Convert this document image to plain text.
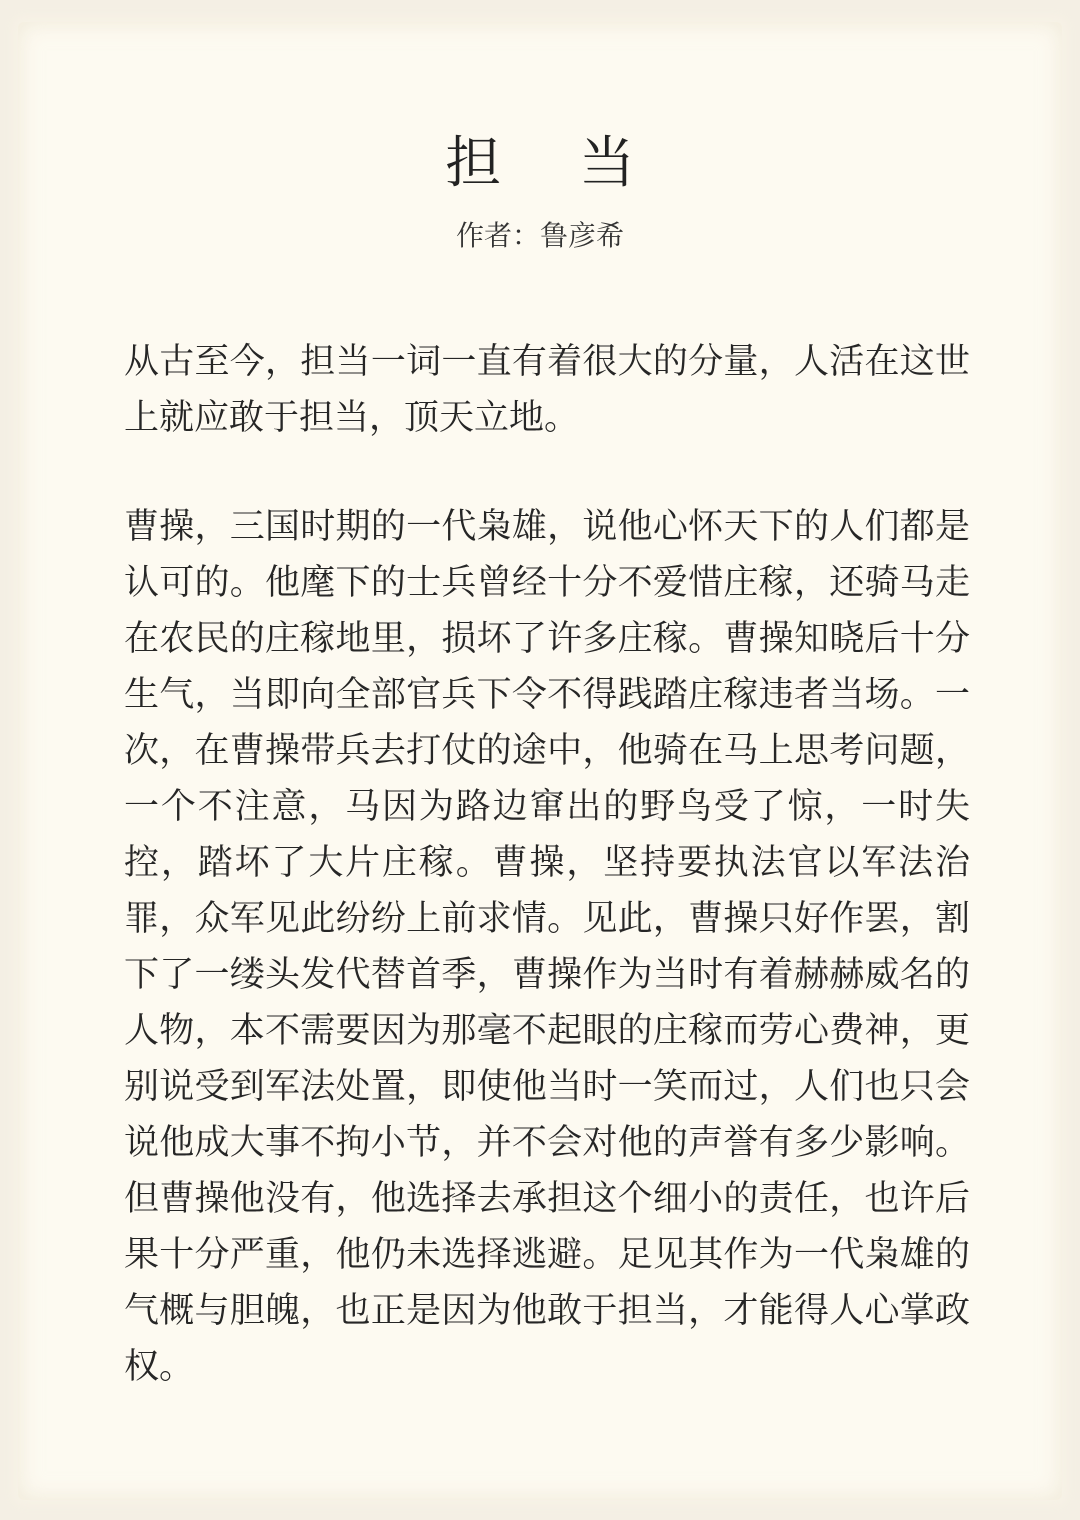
担 当
作者：鲁彦希

从古至今，担当一词一直有着很大的分量，人活在这世上就应敢于担当，顶天立地。

曹操，三国时期的一代枭雄，说他心怀天下的人们都是认可的。他麾下的士兵曾经十分不爱惜庄稼，还骑马走在农民的庄稼地里，损坏了许多庄稼。曹操知晓后十分生气，当即向全部官兵下令不得践踏庄稼违者当场。一次，在曹操带兵去打仗的途中，他骑在马上思考问题，一个不注意，马因为路边窜出的野鸟受了惊，一时失控，踏坏了大片庄稼。曹操，坚持要执法官以军法治罪，众军见此纷纷上前求情。见此，曹操只好作罢，割下了一缕头发代替首季，曹操作为当时有着赫赫威名的人物，本不需要因为那毫不起眼的庄稼而劳心费神，更别说受到军法处置，即使他当时一笑而过，人们也只会说他成大事不拘小节，并不会对他的声誉有多少影响。但曹操他没有，他选择去承担这个细小的责任，也许后果十分严重，他仍未选择逃避。足见其作为一代枭雄的气概与胆魄，也正是因为他敢于担当，才能得人心掌政权。
